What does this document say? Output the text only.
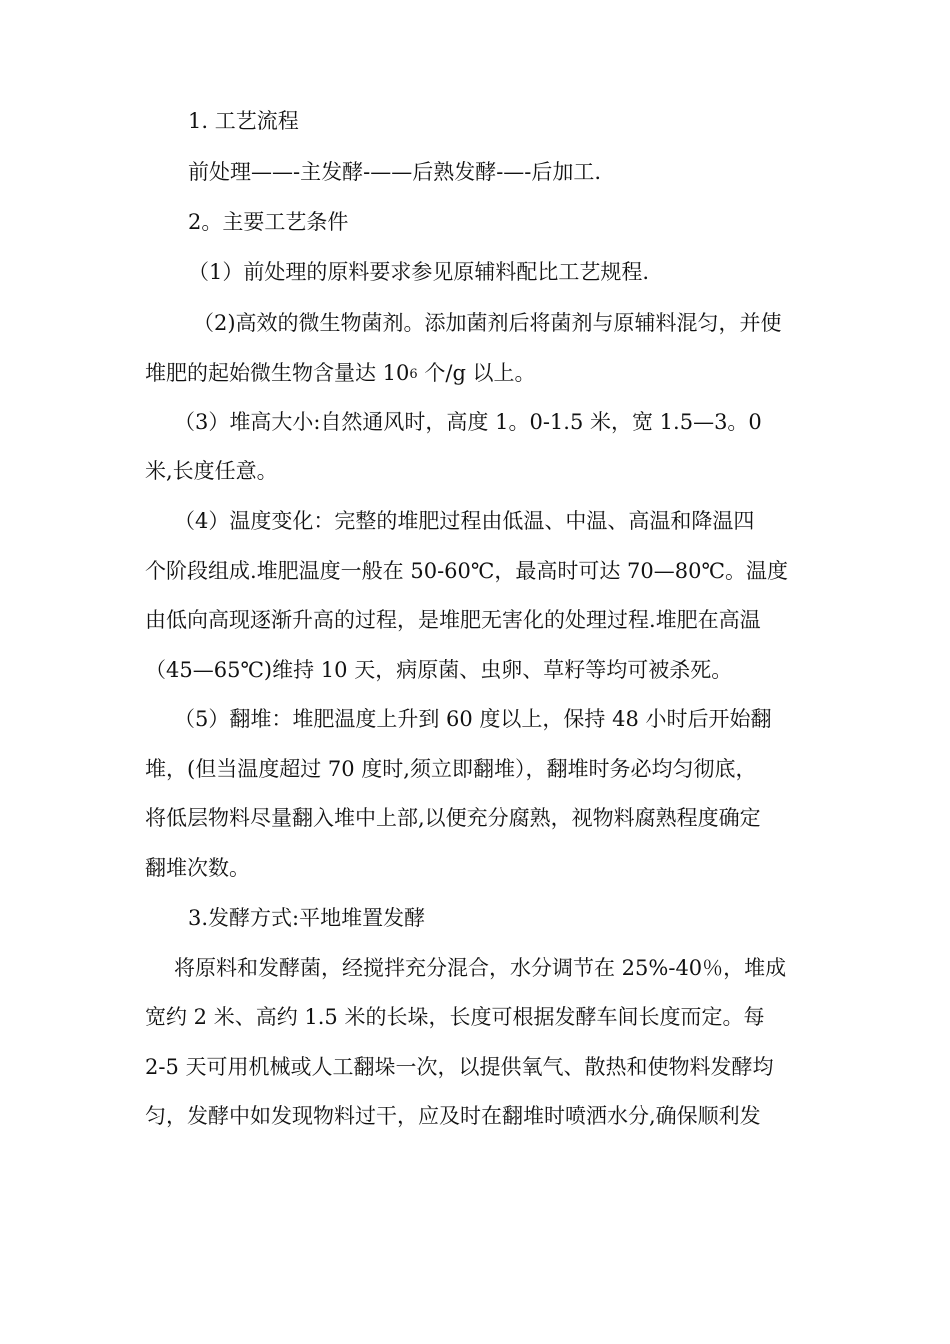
1. 工艺流程
前处理——-主发酵-——后熟发酵-—-后加工.
2。主要工艺条件
（1）前处理的原料要求参见原辅料配比工艺规程.
（2)高效的微生物菌剂。添加菌剂后将菌剂与原辅料混匀，并使
堆肥的起始微生物含量达 106 个/g 以上。
（3）堆高大小:自然通风时，高度 1。0-1.5 米，宽 1.5—3。0
米,长度任意。
（4）温度变化：完整的堆肥过程由低温、中温、高温和降温四
个阶段组成.堆肥温度一般在 50-60℃，最高时可达 70—80℃。温度
由低向高现逐渐升高的过程，是堆肥无害化的处理过程.堆肥在高温
（45—65℃)维持 10 天，病原菌、虫卵、草籽等均可被杀死。
（5）翻堆：堆肥温度上升到 60 度以上，保持 48 小时后开始翻
堆，(但当温度超过 70 度时,须立即翻堆），翻堆时务必均匀彻底，
将低层物料尽量翻入堆中上部,以便充分腐熟，视物料腐熟程度确定
翻堆次数。
3.发酵方式:平地堆置发酵
将原料和发酵菌，经搅拌充分混合，水分调节在 25%-40％，堆成
宽约 2 米、高约 1.5 米的长垛，长度可根据发酵车间长度而定。每
2-5 天可用机械或人工翻垛一次，以提供氧气、散热和使物料发酵均
匀，发酵中如发现物料过干，应及时在翻堆时喷洒水分,确保顺利发
